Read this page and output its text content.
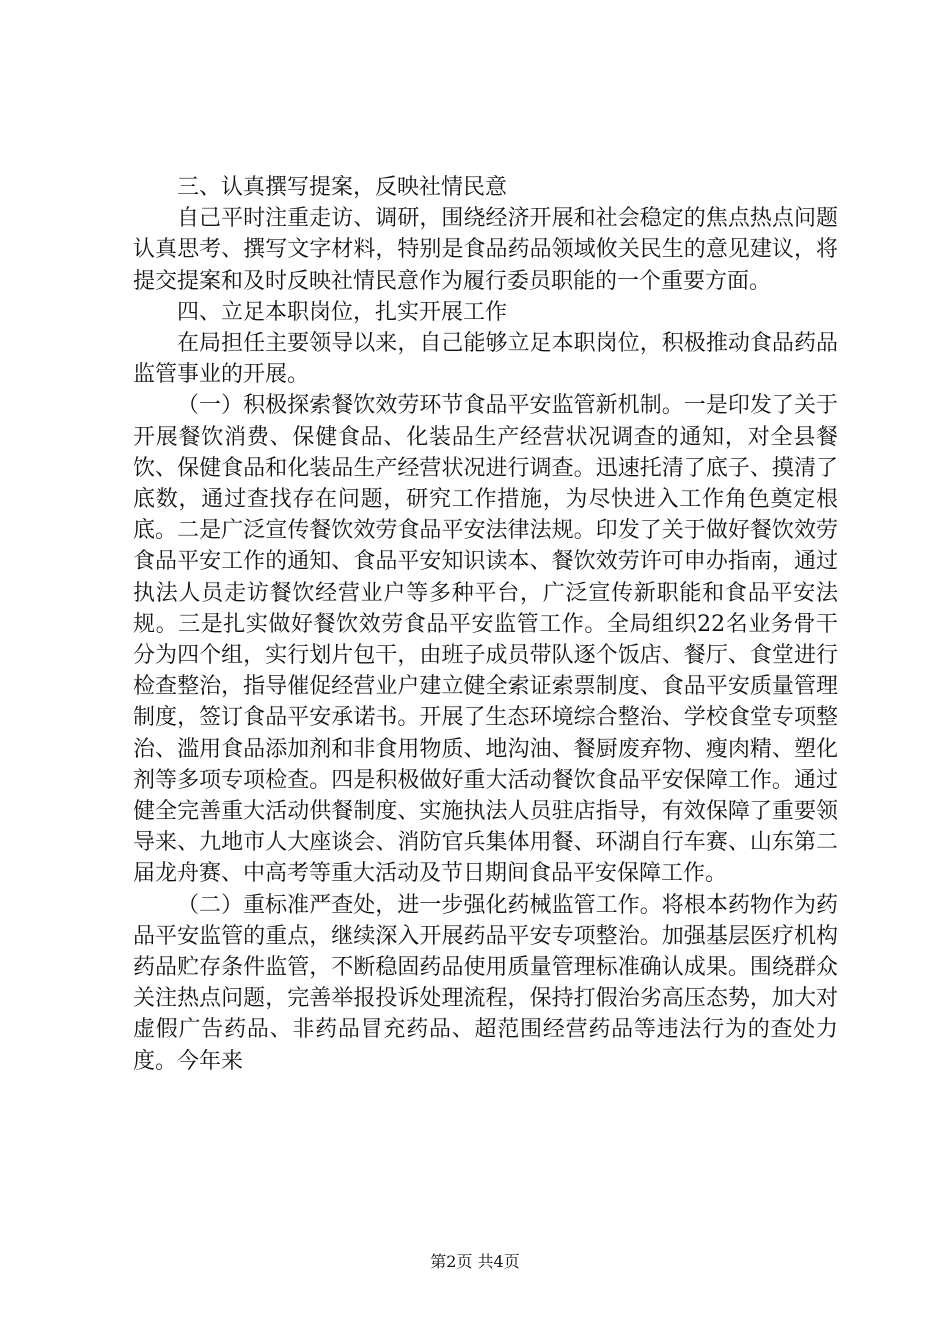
三、认真撰写提案，反映社情民意

自己平时注重走访、调研，围绕经济开展和社会稳定的焦点热点问题认真思考、撰写文字材料，特别是食品药品领域攸关民生的意见建议，将提交提案和及时反映社情民意作为履行委员职能的一个重要方面。

四、立足本职岗位，扎实开展工作

在局担任主要领导以来，自己能够立足本职岗位，积极推动食品药品监管事业的开展。

（一）积极探索餐饮效劳环节食品平安监管新机制。一是印发了关于开展餐饮消费、保健食品、化装品生产经营状况调查的通知，对全县餐饮、保健食品和化装品生产经营状况进行调查。迅速托清了底子、摸清了底数，通过查找存在问题，研究工作措施，为尽快进入工作角色奠定根底。二是广泛宣传餐饮效劳食品平安法律法规。印发了关于做好餐饮效劳食品平安工作的通知、食品平安知识读本、餐饮效劳许可申办指南，通过执法人员走访餐饮经营业户等多种平台，广泛宣传新职能和食品平安法规。三是扎实做好餐饮效劳食品平安监管工作。全局组织22名业务骨干分为四个组，实行划片包干，由班子成员带队逐个饭店、餐厅、食堂进行检查整治，指导催促经营业户建立健全索证索票制度、食品平安质量管理制度，签订食品平安承诺书。开展了生态环境综合整治、学校食堂专项整治、滥用食品添加剂和非食用物质、地沟油、餐厨废弃物、瘦肉精、塑化剂等多项专项检查。四是积极做好重大活动餐饮食品平安保障工作。通过健全完善重大活动供餐制度、实施执法人员驻店指导，有效保障了重要领导来、九地市人大座谈会、消防官兵集体用餐、环湖自行车赛、山东第二届龙舟赛、中高考等重大活动及节日期间食品平安保障工作。

（二）重标准严查处，进一步强化药械监管工作。将根本药物作为药品平安监管的重点，继续深入开展药品平安专项整治。加强基层医疗机构药品贮存条件监管，不断稳固药品使用质量管理标准确认成果。围绕群众关注热点问题，完善举报投诉处理流程，保持打假治劣高压态势，加大对虚假广告药品、非药品冒充药品、超范围经营药品等违法行为的查处力度。今年来

第2页 共4页
